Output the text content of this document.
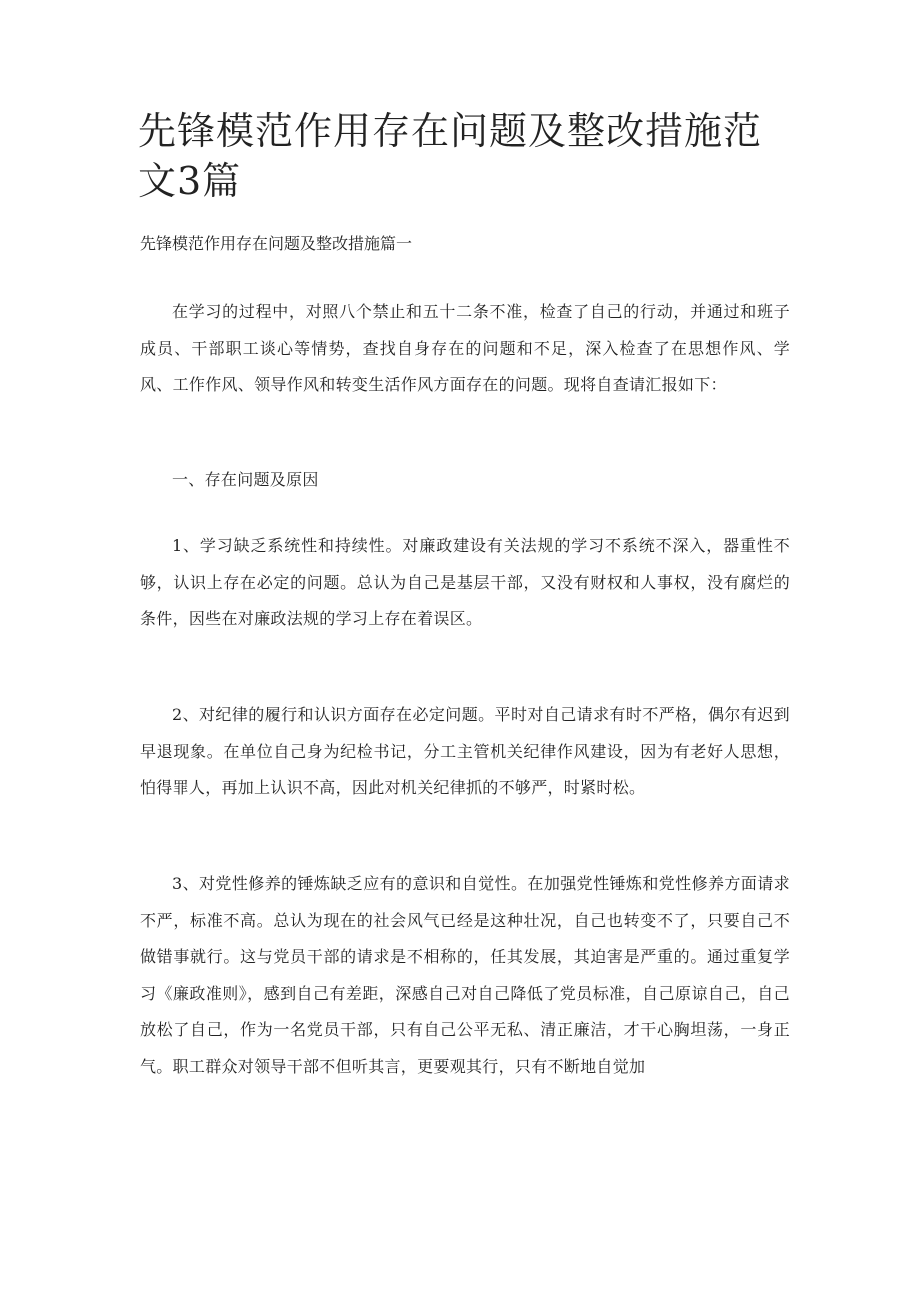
先锋模范作用存在问题及整改措施范文3篇

先锋模范作用存在问题及整改措施篇一

在学习的过程中，对照八个禁止和五十二条不准，检查了自己的行动，并通过和班子成员、干部职工谈心等情势，查找自身存在的问题和不足，深入检查了在思想作风、学风、工作作风、领导作风和转变生活作风方面存在的问题。现将自查请汇报如下：

一、存在问题及原因

1、学习缺乏系统性和持续性。对廉政建设有关法规的学习不系统不深入，器重性不够，认识上存在必定的问题。总认为自己是基层干部，又没有财权和人事权，没有腐烂的条件，因些在对廉政法规的学习上存在着误区。

2、对纪律的履行和认识方面存在必定问题。平时对自己请求有时不严格，偶尔有迟到早退现象。在单位自己身为纪检书记，分工主管机关纪律作风建设，因为有老好人思想，怕得罪人，再加上认识不高，因此对机关纪律抓的不够严，时紧时松。

3、对党性修养的锤炼缺乏应有的意识和自觉性。在加强党性锤炼和党性修养方面请求不严，标准不高。总认为现在的社会风气已经是这种壮况，自己也转变不了，只要自己不做错事就行。这与党员干部的请求是不相称的，任其发展，其迫害是严重的。通过重复学习《廉政准则》，感到自己有差距，深感自己对自己降低了党员标准，自己原谅自己，自己放松了自己，作为一名党员干部，只有自己公平无私、清正廉洁，才干心胸坦荡，一身正气。职工群众对领导干部不但听其言，更要观其行，只有不断地自觉加
